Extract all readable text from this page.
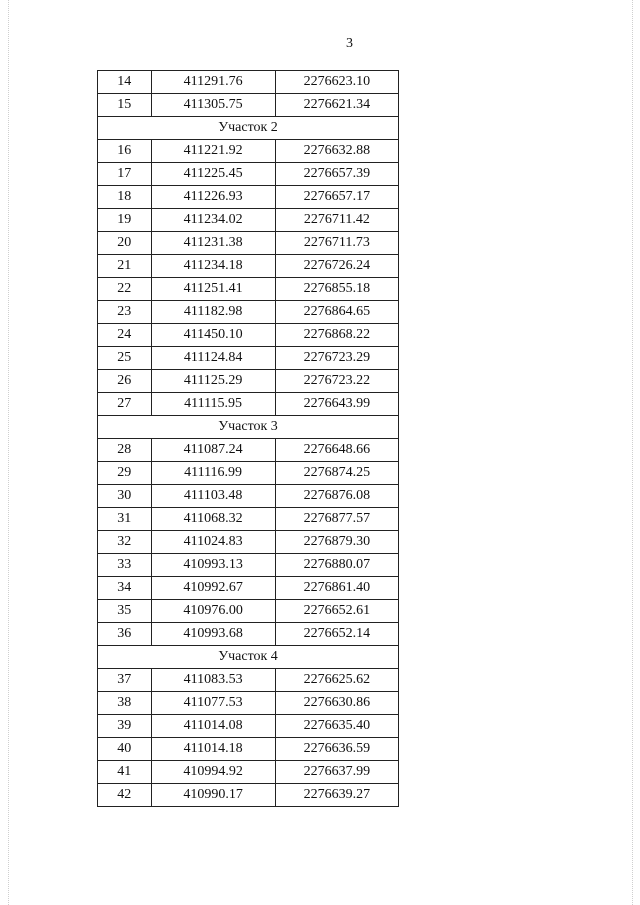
3
14	411291.76	2276623.10
15	411305.75	2276621.34
Участок 2		
16	411221.92	2276632.88
17	411225.45	2276657.39
18	411226.93	2276657.17
19	411234.02	2276711.42
20	411231.38	2276711.73
21	411234.18	2276726.24
22	411251.41	2276855.18
23	411182.98	2276864.65
24	411450.10	2276868.22
25	411124.84	2276723.29
26	411125.29	2276723.22
27	411115.95	2276643.99
Участок 3		
28	411087.24	2276648.66
29	411116.99	2276874.25
30	411103.48	2276876.08
31	411068.32	2276877.57
32	411024.83	2276879.30
33	410993.13	2276880.07
34	410992.67	2276861.40
35	410976.00	2276652.61
36	410993.68	2276652.14
Участок 4		
37	411083.53	2276625.62
38	411077.53	2276630.86
39	411014.08	2276635.40
40	411014.18	2276636.59
41	410994.92	2276637.99
42	410990.17	2276639.27
